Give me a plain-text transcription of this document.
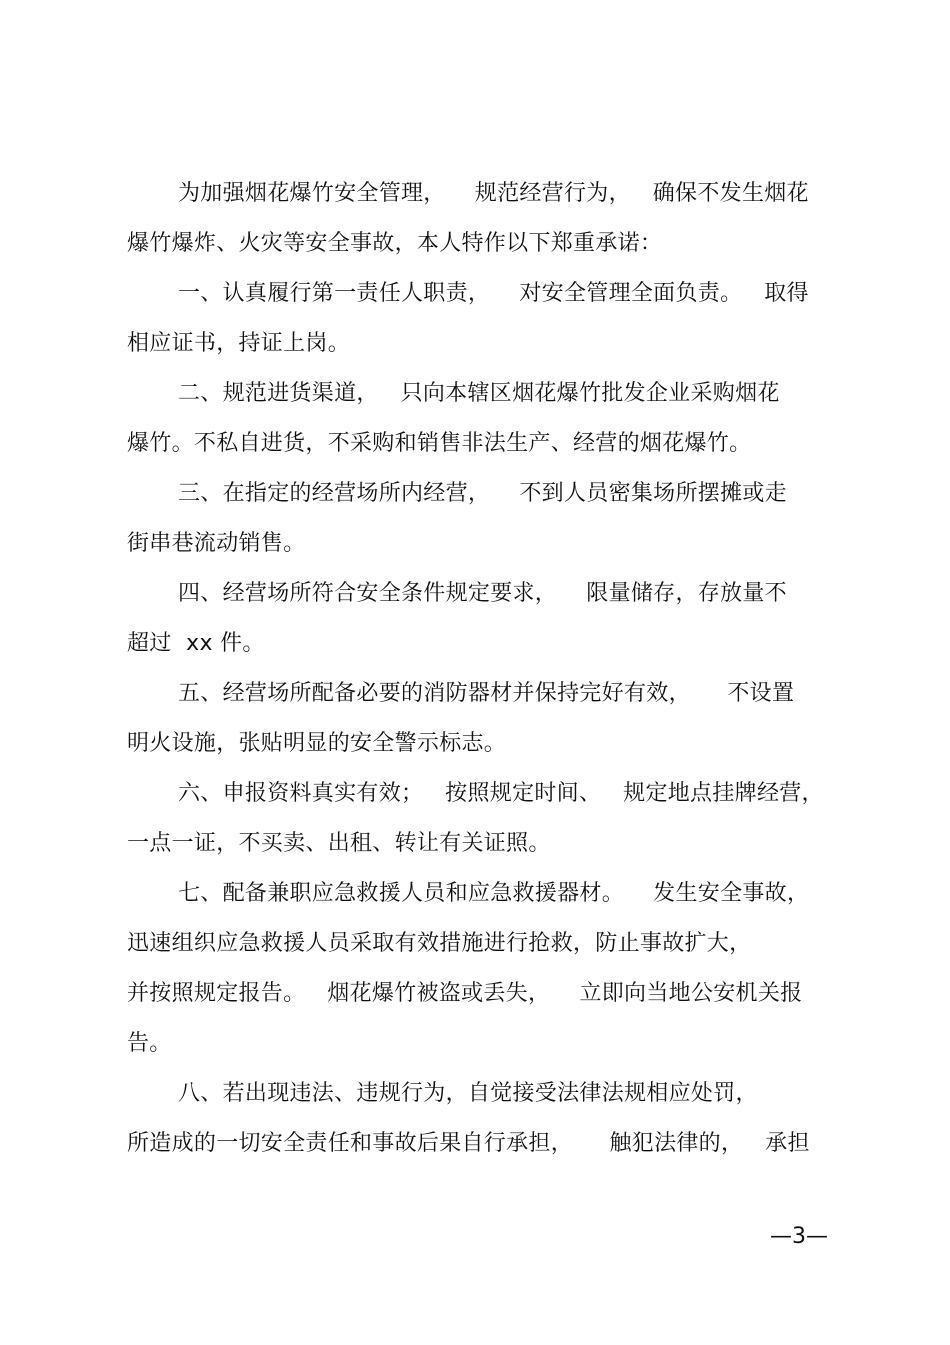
为加强烟花爆竹安全管理，    规范经营行为，   确保不发生烟花
爆竹爆炸、火灾等安全事故，本人特作以下郑重承诺：
一、认真履行第一责任人职责，    对安全管理全面负责。   取得
相应证书，持证上岗。
二、规范进货渠道，   只向本辖区烟花爆竹批发企业采购烟花
爆竹。不私自进货，不采购和销售非法生产、经营的烟花爆竹。
三、在指定的经营场所内经营，    不到人员密集场所摆摊或走
街串巷流动销售。
四、经营场所符合安全条件规定要求，    限量储存，存放量不
超过  xx 件。
五、经营场所配备必要的消防器材并保持完好有效，     不设置
明火设施，张贴明显的安全警示标志。
六、申报资料真实有效；   按照规定时间、   规定地点挂牌经营，
一点一证，不买卖、出租、转让有关证照。
七、配备兼职应急救援人员和应急救援器材。    发生安全事故，
迅速组织应急救援人员采取有效措施进行抢救，防止事故扩大，
并按照规定报告。   烟花爆竹被盗或丢失，    立即向当地公安机关报
告。
八、若出现违法、违规行为，自觉接受法律法规相应处罚，
所造成的一切安全责任和事故后果自行承担，     触犯法律的，   承担
—3—
